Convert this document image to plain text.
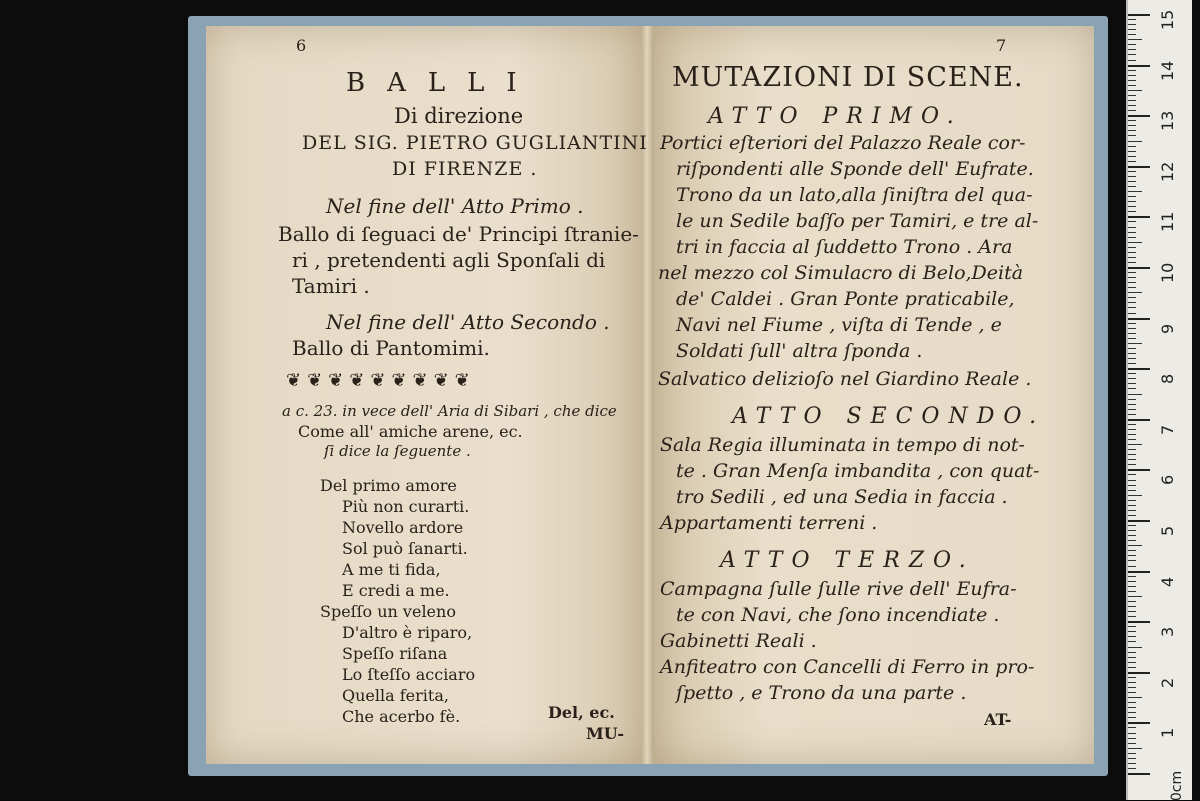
15
14
13
12
11
10
9
8
7
6
5
4
3
2
1
0cm
6
BALLI
Di direzione
DEL SIG. PIETRO GUGLIANTINI
DI FIRENZE .
Nel fine dell' Atto Primo .
Ballo di ſeguaci de' Principi ſtranie-
ri , pretendenti agli Sponſali di
Tamiri .
Nel fine dell' Atto Secondo .
Ballo di Pantomimi.
❦❦❦❦❦❦❦❦❦
a c. 23. in vece dell' Aria di Sibari , che dice
Come all' amiche arene, ec.
ſi dice la ſeguente .
Del primo amore
Più non curarti.
Novello ardore
Sol può ſanarti.
A me ti fida,
E credi a me.
Speſſo un veleno
D'altro è riparo,
Speſſo riſana
Lo ſteſſo acciaro
Quella ferita,
Che acerbo fè.	Del, ec.
MU-
7
MUTAZIONI DI SCENE.
ATTO PRIMO.
Portici eſteriori del Palazzo Reale cor-
riſpondenti alle Sponde dell' Eufrate.
Trono da un lato,alla ſiniſtra del qua-
le un Sedile baſſo per Tamiri, e tre al-
tri in faccia al ſuddetto Trono . Ara
nel mezzo col Simulacro di Belo,Deità
de' Caldei . Gran Ponte praticabile,
Navi nel Fiume , viſta di Tende , e
Soldati ſull' altra ſponda .
Salvatico delizioſo nel Giardino Reale .
ATTO SECONDO.
Sala Regia illuminata in tempo di not-
te . Gran Menſa imbandita , con quat-
tro Sedili , ed una Sedia in faccia .
Appartamenti terreni .
ATTO TERZO.
Campagna ſulle ſulle rive dell' Eufra-
te con Navi, che ſono incendiate .
Gabinetti Reali .
Anfiteatro con Cancelli di Ferro in pro-
ſpetto , e Trono da una parte .
AT-
